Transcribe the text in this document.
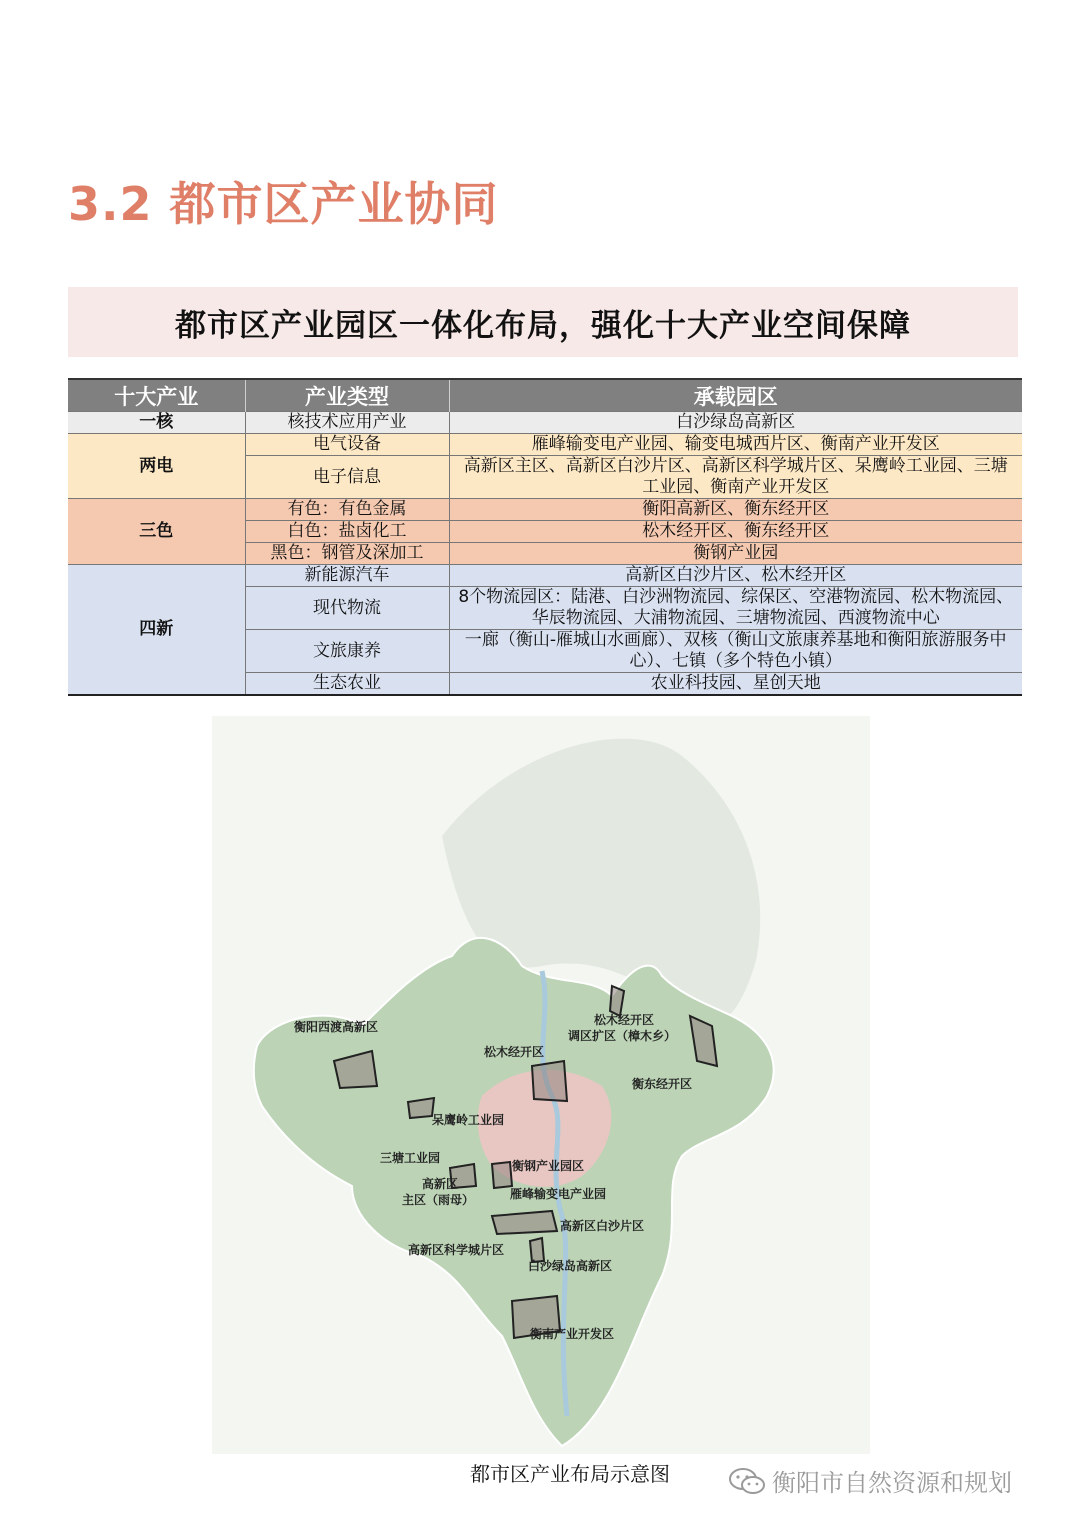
3.2 都市区产业协同
都市区产业园区一体化布局，强化十大产业空间保障
十大产业	产业类型	承载园区
一核	核技术应用产业	白沙绿岛高新区
两电	电气设备	雁峰输变电产业园、输变电城西片区、衡南产业开发区
	电子信息	高新区主区、高新区白沙片区、高新区科学城片区、呆鹰岭工业园、三塘工业园、衡南产业开发区
三色	有色：有色金属	衡阳高新区、衡东经开区
	白色：盐卤化工	松木经开区、衡东经开区
	黑色：钢管及深加工	衡钢产业园
四新	新能源汽车	高新区白沙片区、松木经开区
	现代物流	8个物流园区：陆港、白沙洲物流园、综保区、空港物流园、松木物流园、华辰物流园、大浦物流园、三塘物流园、西渡物流中心
	文旅康养	一廊（衡山-雁城山水画廊）、双核（衡山文旅康养基地和衡阳旅游服务中心）、七镇（多个特色小镇）
	生态农业	农业科技园、星创天地
衡阳西渡高新区	松木经开区
调区扩区（樟木乡）
松木经开区
衡东经开区
呆鹰岭工业园
三塘工业园
衡钢产业园区
高新区
主区（雨母）	雁峰输变电产业园
高新区白沙片区
高新区科学城片区
白沙绿岛高新区
衡南产业开发区
都市区产业布局示意图	衡阳市自然资源和规划
